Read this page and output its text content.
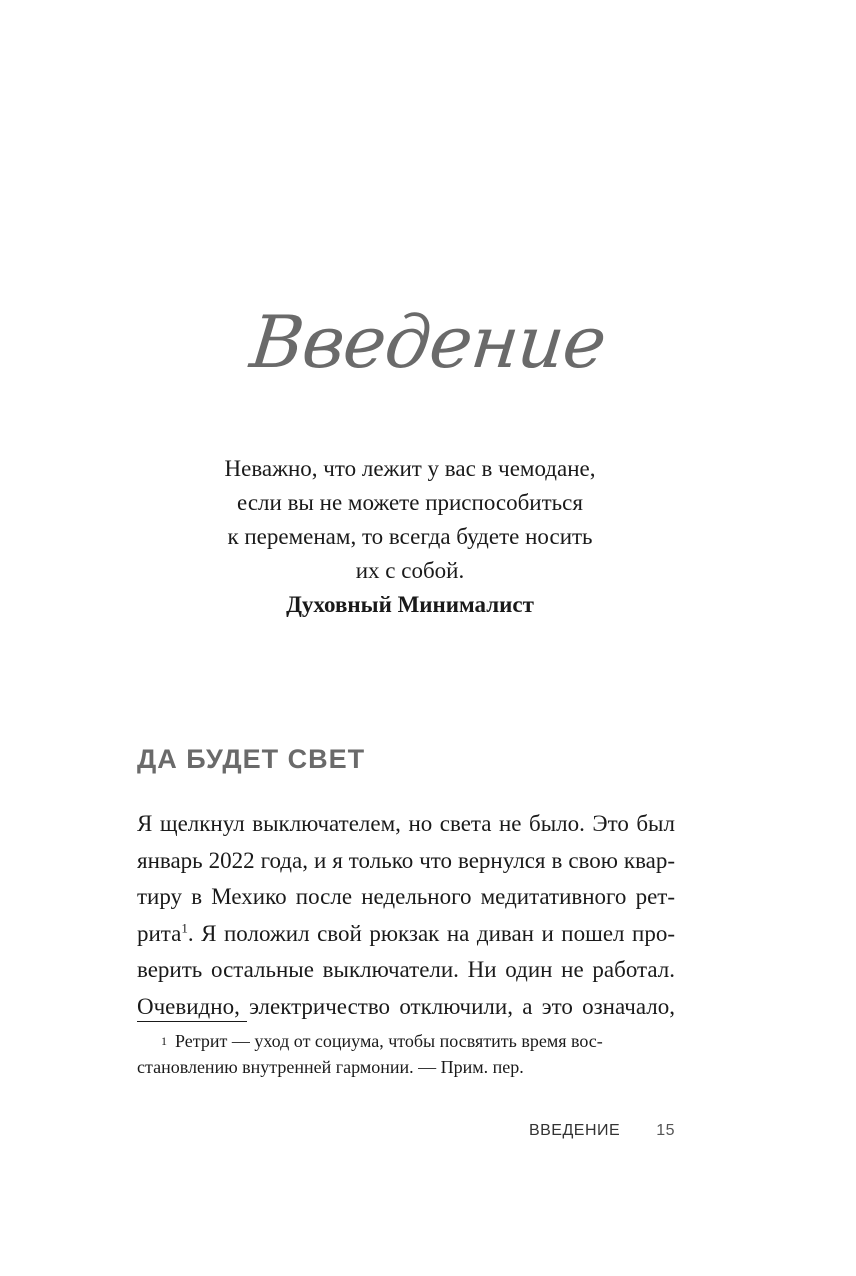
Введение
Неважно, что лежит у вас в чемодане,
если вы не можете приспособиться
к переменам, то всегда будете носить
их с собой.
Духовный Минималист
ДА БУДЕТ СВЕТ
Я щелкнул выключателем, но света не было. Это был
январь 2022 года, и я только что вернулся в свою квар-
тиру в Мехико после недельного медитативного рет-
рита$^1$. Я положил свой рюкзак на диван и пошел про-
верить остальные выключатели. Ни один не работал.
Очевидно, электричество отключили, а это означало,
1 Ретрит — уход от социума, чтобы посвятить время вос-
становлению внутренней гармонии. — Прим. пер.
ВВЕДЕНИЕ 15
